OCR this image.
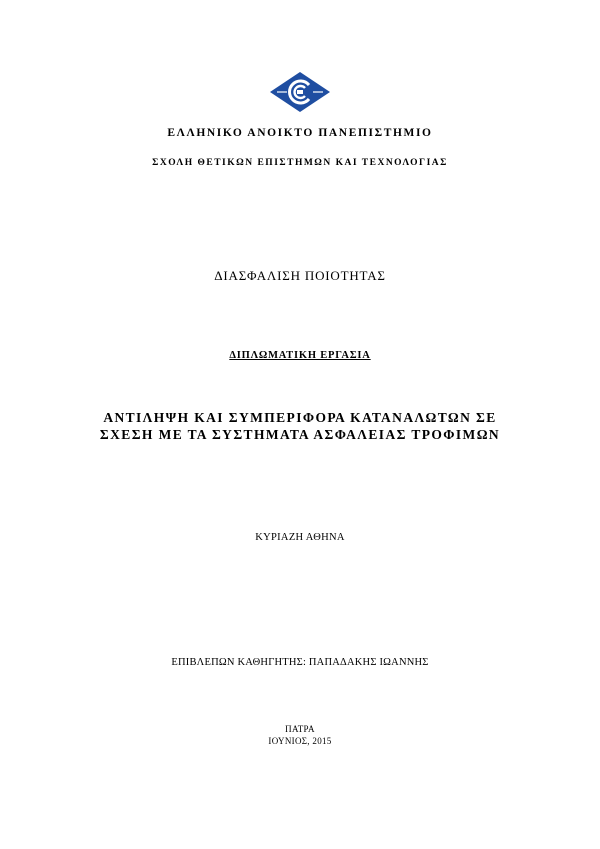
ΕΛΛΗΝΙΚΟ ΑΝΟΙΚΤΟ ΠΑΝΕΠΙΣΤΗΜΙΟ
ΣΧΟΛΗ ΘΕΤΙΚΩΝ ΕΠΙΣΤΗΜΩΝ ΚΑΙ ΤΕΧΝΟΛΟΓΙΑΣ
ΔΙΑΣΦΑΛΙΣΗ ΠΟΙΟΤΗΤΑΣ
ΔΙΠΛΩΜΑΤΙΚΗ ΕΡΓΑΣΙΑ
ΑΝΤΙΛΗΨΗ ΚΑΙ ΣΥΜΠΕΡΙΦΟΡΑ ΚΑΤΑΝΑΛΩΤΩΝ ΣΕ
ΣΧΕΣΗ ΜΕ ΤΑ ΣΥΣΤΗΜΑΤΑ ΑΣΦΑΛΕΙΑΣ ΤΡΟΦΙΜΩΝ
ΚΥΡΙΑΖΗ ΑΘΗΝΑ
ΕΠΙΒΛΕΠΩΝ ΚΑΘΗΓΗΤΗΣ: ΠΑΠΑΔΑΚΗΣ ΙΩΑΝΝΗΣ
ΠΑΤΡΑ
ΙΟΥΝΙΟΣ, 2015
